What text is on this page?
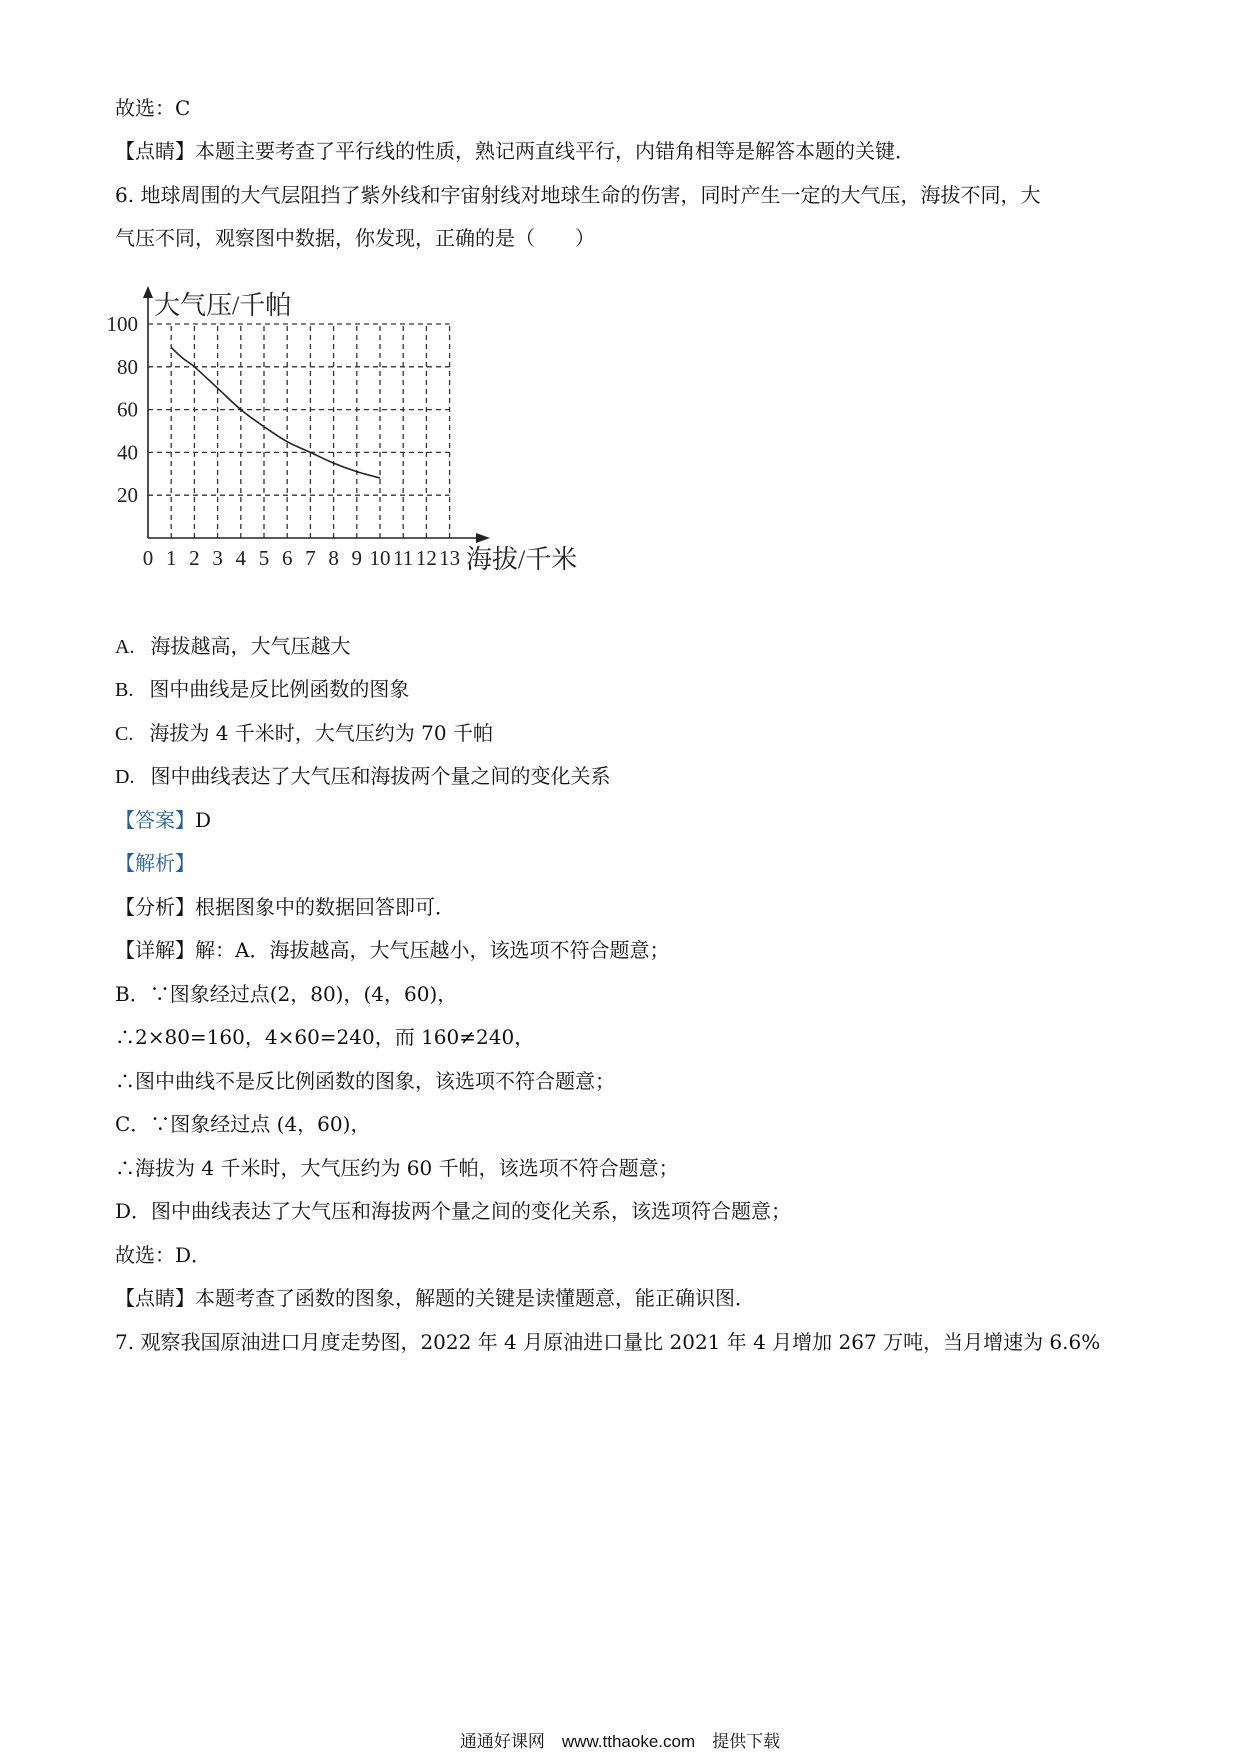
故选：C
【点睛】本题主要考查了平行线的性质，熟记两直线平行，内错角相等是解答本题的关键．
6. 地球周围的大气层阻挡了紫外线和宇宙射线对地球生命的伤害，同时产生一定的大气压，海拔不同，大
气压不同，观察图中数据，你发现，正确的是（　　）
0 1 2 3 4 5 6 7 8 9 10 11 12 13
20
40
60
80
100
大气压/千帕
海拔/千米
A. 海拔越高，大气压越大
B. 图中曲线是反比例函数的图象
C. 海拔为 4 千米时，大气压约为 70 千帕
D. 图中曲线表达了大气压和海拔两个量之间的变化关系
【答案】D
【解析】
【分析】根据图象中的数据回答即可．
【详解】解：A．海拔越高，大气压越小，该选项不符合题意；
B．∵图象经过点(2，80)，(4，60)，
∴2×80=160，4×60=240，而 160≠240，
∴图中曲线不是反比例函数的图象，该选项不符合题意；
C．∵图象经过点 (4，60)，
∴海拔为 4 千米时，大气压约为 60 千帕，该选项不符合题意；
D．图中曲线表达了大气压和海拔两个量之间的变化关系，该选项符合题意；
故选：D．
【点睛】本题考查了函数的图象，解题的关键是读懂题意，能正确识图．
7. 观察我国原油进口月度走势图，2022 年 4 月原油进口量比 2021 年 4 月增加 267 万吨，当月增速为 6.6%
通通好课网　www.tthaoke.com　提供下载
